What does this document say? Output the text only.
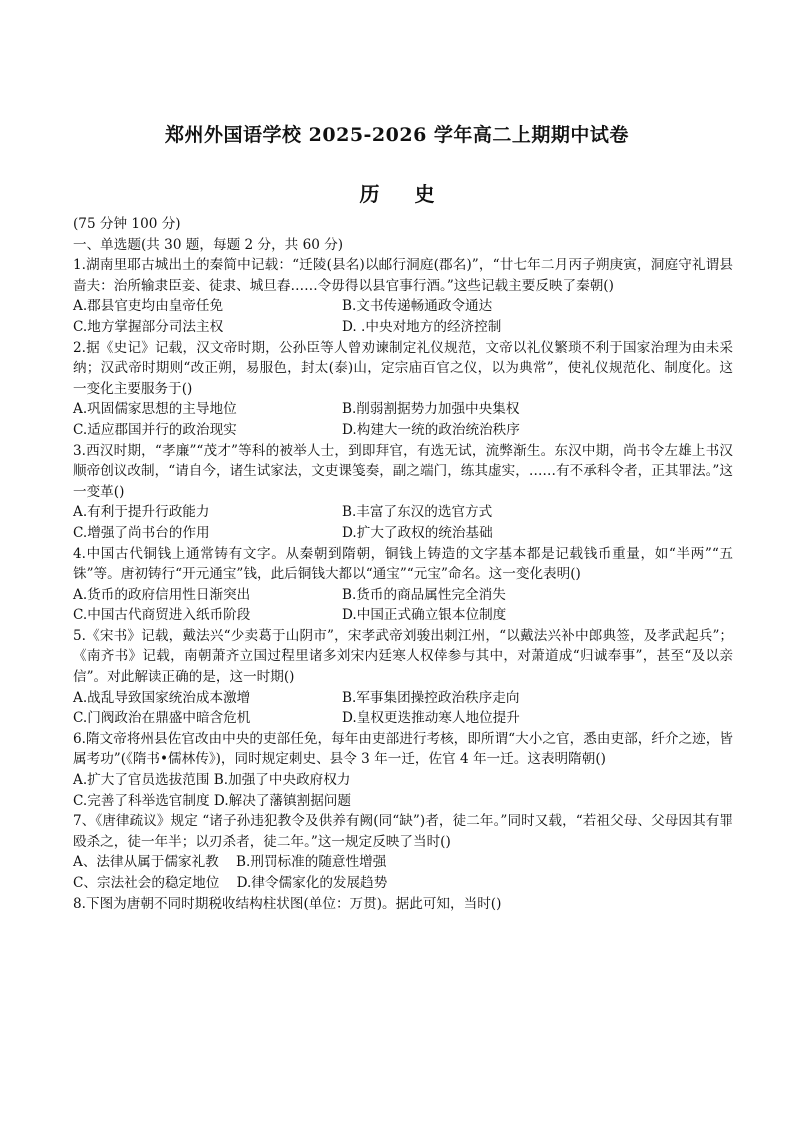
郑州外国语学校 2025-2026 学年高二上期期中试卷
历 史
(75 分钟 100 分)
一、单选题(共 30 题，每题 2 分，共 60 分)
1.湖南里耶古城出土的秦简中记载：“迁陵(县名)以邮行洞庭(郡名)”，“廿七年二月丙子朔庚寅，洞庭守礼谓县啬夫：治所输隶臣妾、徒隶、城旦舂……令毋得以县官事行酒。”这些记载主要反映了秦朝()
A.郡县官吏均由皇帝任免	B.文书传递畅通政令通达
C.地方掌握部分司法主权	D. .中央对地方的经济控制
2.据《史记》记载，汉文帝时期，公孙臣等人曾劝谏制定礼仪规范，文帝以礼仪繁琐不利于国家治理为由未采纳；汉武帝时期则“改正朔，易服色，封太(泰)山，定宗庙百官之仪，以为典常”，使礼仪规范化、制度化。这一变化主要服务于()
A.巩固儒家思想的主导地位	B.削弱割据势力加强中央集权
C.适应郡国并行的政治现实	D.构建大一统的政治统治秩序
3.西汉时期，“孝廉”“茂才”等科的被举人士，到即拜官，有选无试，流弊渐生。东汉中期，尚书令左雄上书汉顺帝创议改制，“请自今，诸生试家法，文吏课笺奏，副之端门，练其虚实，……有不承科令者，正其罪法。”这一变革()
A.有利于提升行政能力	B.丰富了东汉的选官方式
C.增强了尚书台的作用	D.扩大了政权的统治基础
4.中国古代铜钱上通常铸有文字。从秦朝到隋朝，铜钱上铸造的文字基本都是记载钱币重量，如“半两”“五铢”等。唐初铸行“开元通宝”钱，此后铜钱大都以“通宝”“元宝”命名。这一变化表明()
A.货币的政府信用性日渐突出	B.货币的商品属性完全消失
C.中国古代商贸进入纸币阶段	D.中国正式确立银本位制度
5.《宋书》记载，戴法兴“少卖葛于山阴市”，宋孝武帝刘骏出刺江州，“以戴法兴补中郎典签，及孝武起兵”；《南齐书》记载，南朝萧齐立国过程里诸多刘宋内廷寒人权倖参与其中，对萧道成“归诚奉事”，甚至“及以亲信”。对此解读正确的是，这一时期()
A.战乱导致国家统治成本激增	B.军事集团操控政治秩序走向
C.门阀政治在鼎盛中暗含危机	D.皇权更迭推动寒人地位提升
6.隋文帝将州县佐官改由中央的吏部任免，每年由吏部进行考核，即所谓“大小之官，悉由吏部，纤介之迹，皆属考功”(《隋书•儒林传》)，同时规定刺史、县令 3 年一迁，佐官 4 年一迁。这表明隋朝()
A.扩大了官员选拔范围 B.加强了中央政府权力
C.完善了科举选官制度 D.解决了藩镇割据问题
7、《唐律疏议》规定 “诸子孙违犯教令及供养有阙(同“缺”)者，徒二年。”同时又载，“若祖父母、父母因其有罪殴杀之，徒一年半；以刃杀者，徒二年。”这一规定反映了当时()
A、法律从属于儒家礼教    B.刑罚标准的随意性增强
C、宗法社会的稳定地位    D.律令儒家化的发展趋势
8.下图为唐朝不同时期税收结构柱状图(单位：万贯)。据此可知，当时()
